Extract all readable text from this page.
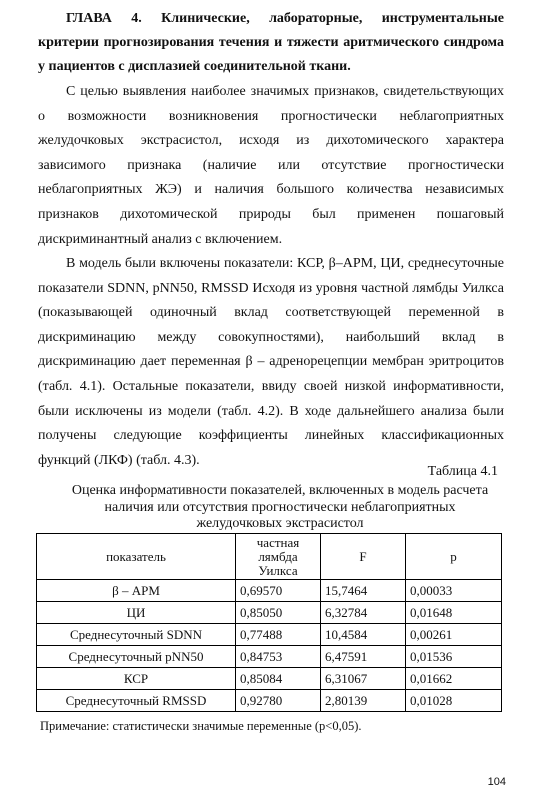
ГЛАВА 4. Клинические, лабораторные, инструментальные критерии прогнозирования течения и тяжести аритмического синдрома у пациентов с дисплазией соединительной ткани.
С целью выявления наиболее значимых признаков, свидетельствующих о возможности возникновения прогностически неблагоприятных желудочковых экстрасистол, исходя из дихотомического характера зависимого признака (наличие или отсутствие прогностически неблагоприятных ЖЭ) и наличия большого количества независимых признаков дихотомической природы был применен пошаговый дискриминантный анализ с включением.
В модель были включены показатели: КСР, β–АРМ, ЦИ, среднесуточные показатели SDNN, pNN50, RMSSD Исходя из уровня частной лямбды Уилкса (показывающей одиночный вклад соответствующей переменной в дискриминацию между совокупностями), наибольший вклад в дискриминацию дает переменная β – адренорецепции мембран эритроцитов (табл. 4.1). Остальные показатели, ввиду своей низкой информативности, были исключены из модели (табл. 4.2). В ходе дальнейшего анализа были получены следующие коэффициенты линейных классификационных функций (ЛКФ) (табл. 4.3).
Таблица 4.1
Оценка информативности показателей, включенных в модель расчета наличия или отсутствия прогностически неблагоприятных желудочковых экстрасистол
показатель	частная лямбда Уилкса	F	p
β – АРМ	0,69570	15,7464	0,00033
ЦИ	0,85050	6,32784	0,01648
Среднесуточный SDNN	0,77488	10,4584	0,00261
Среднесуточный pNN50	0,84753	6,47591	0,01536
КСР	0,85084	6,31067	0,01662
Среднесуточный RMSSD	0,92780	2,80139	0,01028
Примечание: статистически значимые переменные (p<0,05).
104
